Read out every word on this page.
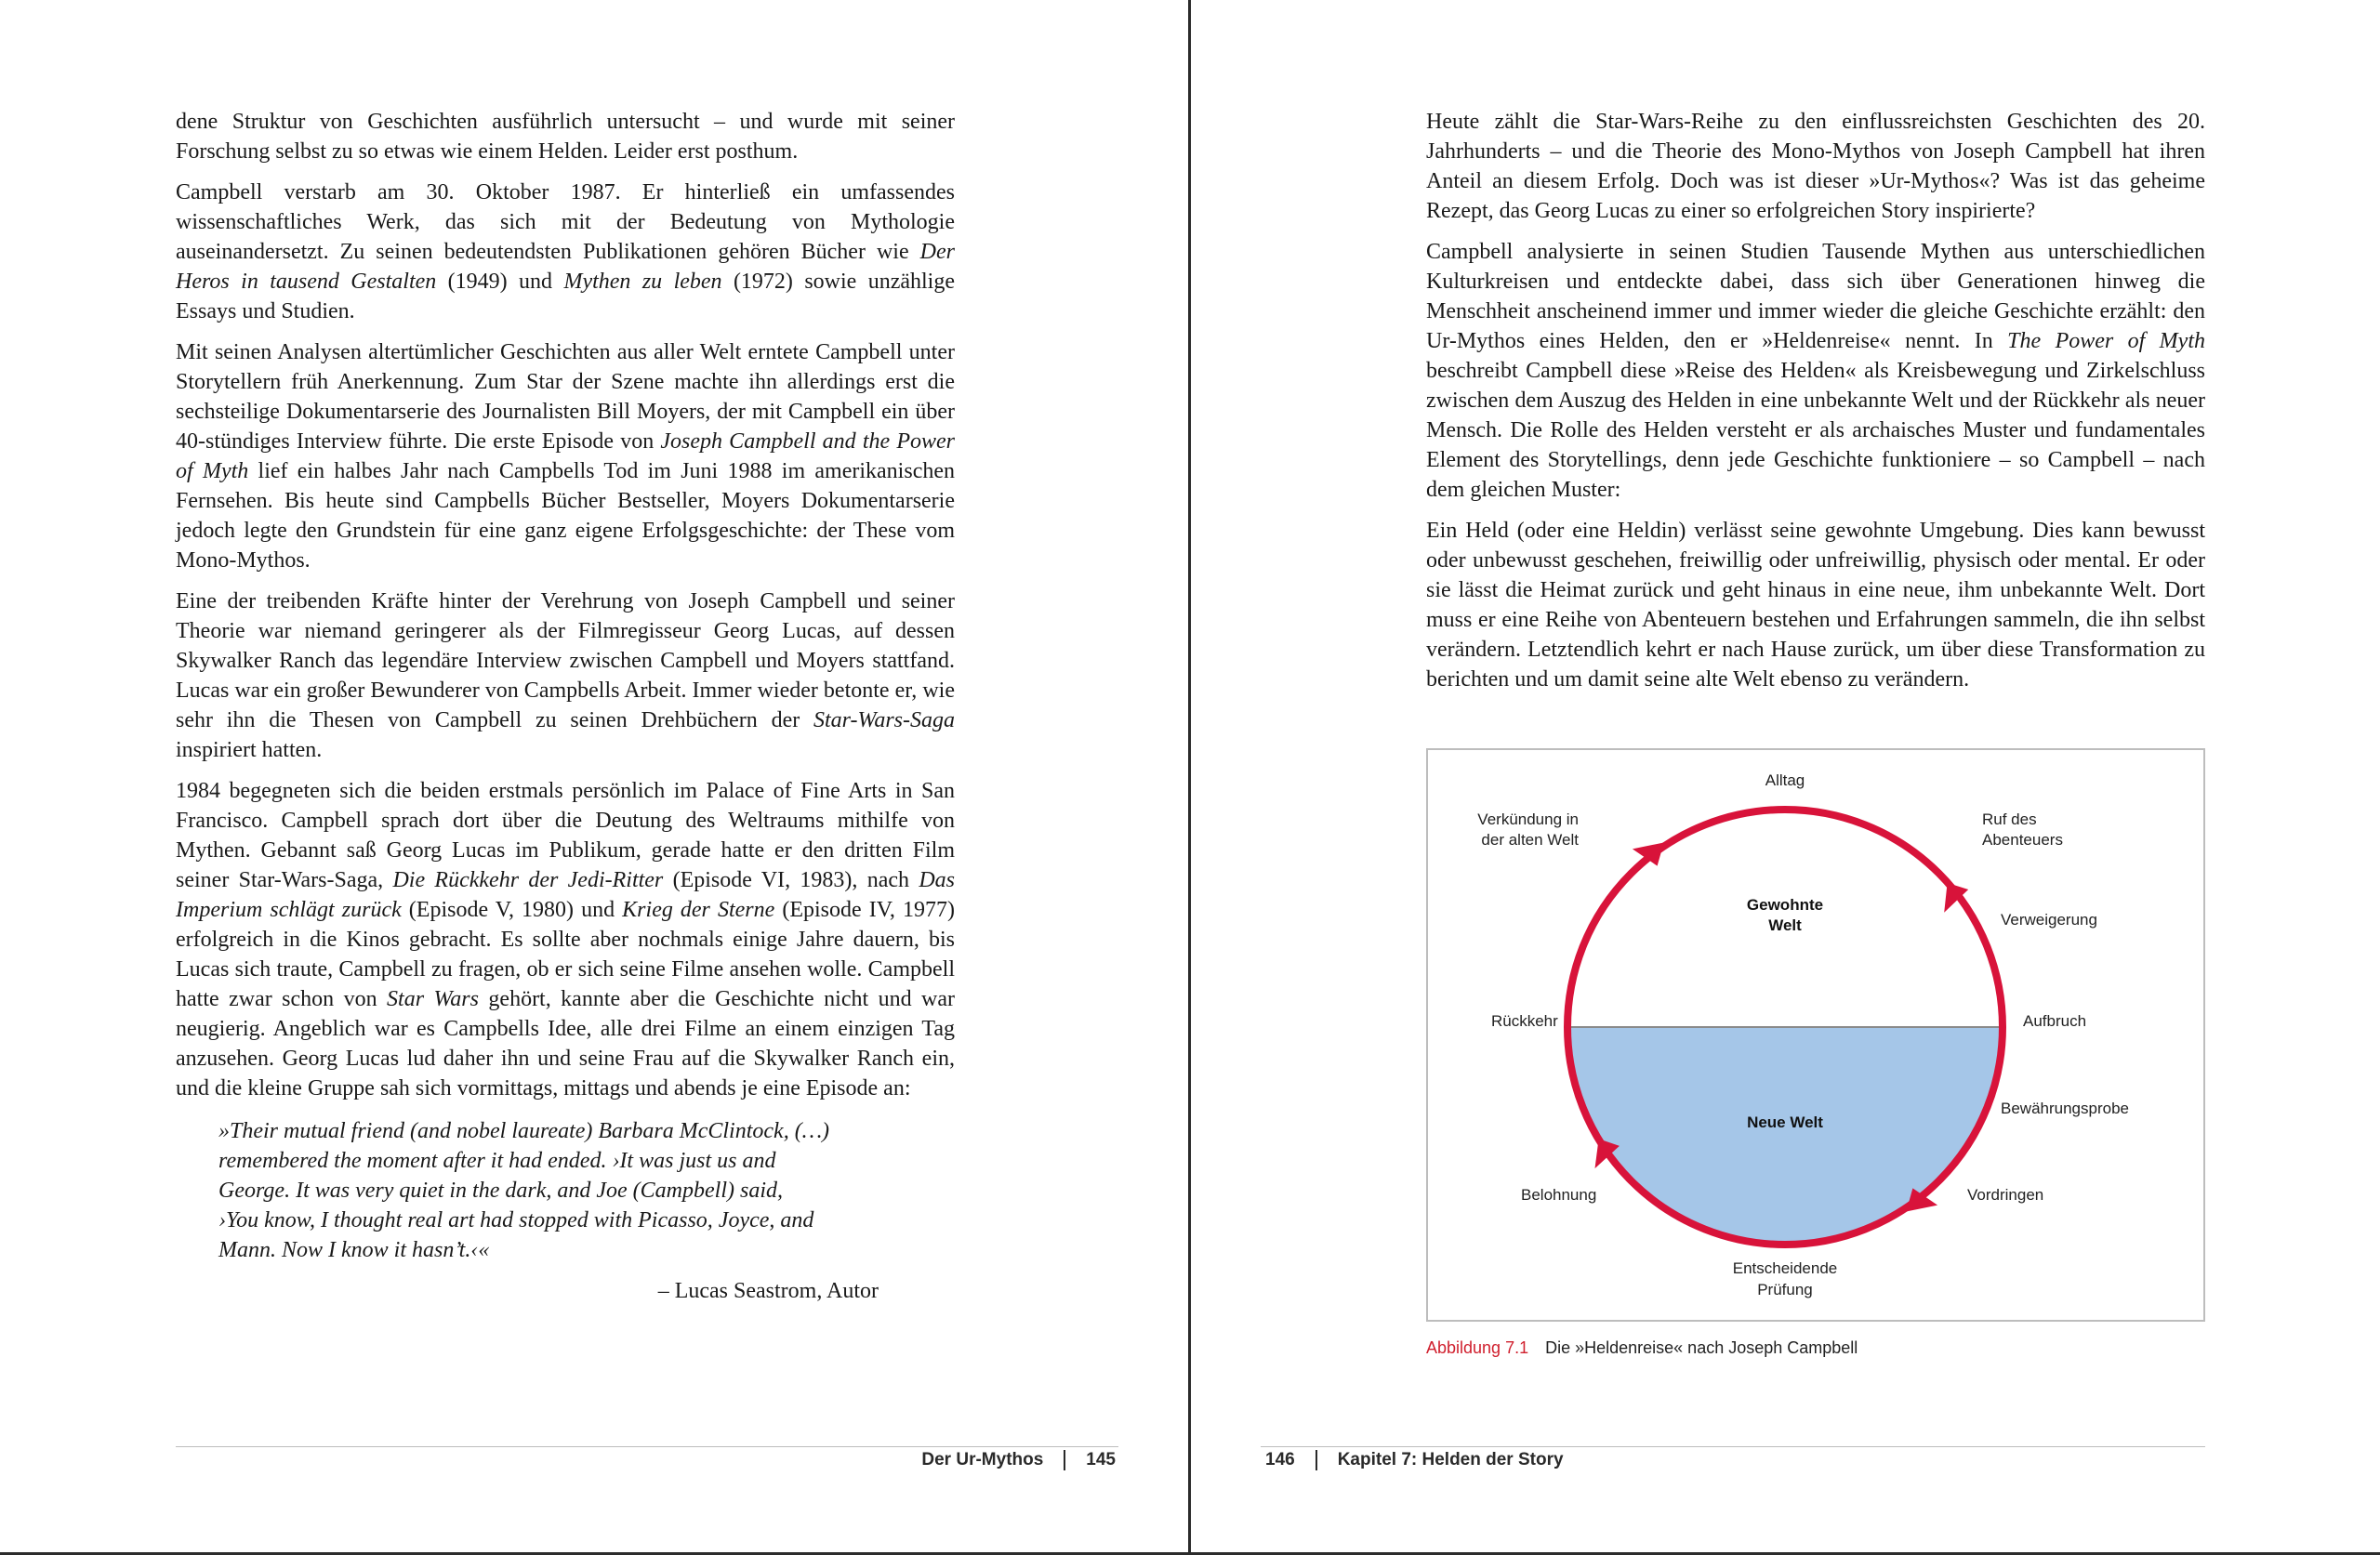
dene Struktur von Geschichten ausführlich untersucht – und wurde mit seiner Forschung selbst zu so etwas wie einem Helden. Leider erst posthum.

Campbell verstarb am 30. Oktober 1987. Er hinterließ ein umfassendes wissenschaftliches Werk, das sich mit der Bedeutung von Mythologie auseinandersetzt. Zu seinen bedeutendsten Publikationen gehören Bücher wie Der Heros in tausend Gestalten (1949) und Mythen zu leben (1972) sowie unzählige Essays und Studien.

Mit seinen Analysen altertümlicher Geschichten aus aller Welt erntete Campbell unter Storytellern früh Anerkennung. Zum Star der Szene machte ihn allerdings erst die sechsteilige Dokumentarserie des Journalisten Bill Moyers, der mit Campbell ein über 40-stündiges Interview führte. Die erste Episode von Joseph Campbell and the Power of Myth lief ein halbes Jahr nach Campbells Tod im Juni 1988 im amerikanischen Fernsehen. Bis heute sind Campbells Bücher Bestseller, Moyers Dokumentarserie jedoch legte den Grundstein für eine ganz eigene Erfolgsgeschichte: der These vom Mono-Mythos.

Eine der treibenden Kräfte hinter der Verehrung von Joseph Campbell und seiner Theorie war niemand geringerer als der Filmregisseur Georg Lucas, auf dessen Skywalker Ranch das legendäre Interview zwischen Campbell und Moyers stattfand. Lucas war ein großer Bewunderer von Campbells Arbeit. Immer wieder betonte er, wie sehr ihn die Thesen von Campbell zu seinen Drehbüchern der Star-Wars-Saga inspiriert hatten.

1984 begegneten sich die beiden erstmals persönlich im Palace of Fine Arts in San Francisco. Campbell sprach dort über die Deutung des Weltraums mithilfe von Mythen. Gebannt saß Georg Lucas im Publikum, gerade hatte er den dritten Film seiner Star-Wars-Saga, Die Rückkehr der Jedi-Ritter (Episode VI, 1983), nach Das Imperium schlägt zurück (Episode V, 1980) und Krieg der Sterne (Episode IV, 1977) erfolgreich in die Kinos gebracht. Es sollte aber nochmals einige Jahre dauern, bis Lucas sich traute, Campbell zu fragen, ob er sich seine Filme ansehen wolle. Campbell hatte zwar schon von Star Wars gehört, kannte aber die Geschichte nicht und war neugierig. Angeblich war es Campbells Idee, alle drei Filme an einem einzigen Tag anzusehen. Georg Lucas lud daher ihn und seine Frau auf die Skywalker Ranch ein, und die kleine Gruppe sah sich vormittags, mittags und abends je eine Episode an:

»Their mutual friend (and nobel laureate) Barbara McClintock, (…)
remembered the moment after it had ended. ›It was just us and
George. It was very quiet in the dark, and Joe (Campbell) said,
›You know, I thought real art had stopped with Picasso, Joyce, and
Mann. Now I know it hasn’t.‹«
– Lucas Seastrom, Autor
Der Ur-Mythos 145

Heute zählt die Star-Wars-Reihe zu den einflussreichsten Geschichten des 20. Jahrhunderts – und die Theorie des Mono-Mythos von Joseph Campbell hat ihren Anteil an diesem Erfolg. Doch was ist dieser »Ur-Mythos«? Was ist das geheime Rezept, das Georg Lucas zu einer so erfolgreichen Story inspirierte?

Campbell analysierte in seinen Studien Tausende Mythen aus unterschiedlichen Kulturkreisen und entdeckte dabei, dass sich über Generationen hinweg die Menschheit anscheinend immer und immer wieder die gleiche Geschichte erzählt: den Ur-Mythos eines Helden, den er »Heldenreise« nennt. In The Power of Myth beschreibt Campbell diese »Reise des Helden« als Kreisbewegung und Zirkelschluss zwischen dem Auszug des Helden in eine unbekannte Welt und der Rückkehr als neuer Mensch. Die Rolle des Helden versteht er als archaisches Muster und fundamentales Element des Storytellings, denn jede Geschichte funktioniere – so Campbell – nach dem gleichen Muster:

Ein Held (oder eine Heldin) verlässt seine gewohnte Umgebung. Dies kann bewusst oder unbewusst geschehen, freiwillig oder unfreiwillig, physisch oder mental. Er oder sie lässt die Heimat zurück und geht hinaus in eine neue, ihm unbekannte Welt. Dort muss er eine Reihe von Abenteuern bestehen und Erfahrungen sammeln, die ihn selbst verändern. Letztendlich kehrt er nach Hause zurück, um über diese Transformation zu berichten und um damit seine alte Welt ebenso zu verändern.

Alltag
Ruf des
Abenteuers
Verweigerung
Aufbruch
Bewährungsprobe
Vordringen
Entscheidende
Prüfung
Belohnung
Rückkehr
Verkündung in
der alten Welt
Gewohnte
Welt
Neue Welt
Abbildung 7.1 Die »Heldenreise« nach Joseph Campbell
146 Kapitel 7: Helden der Story
